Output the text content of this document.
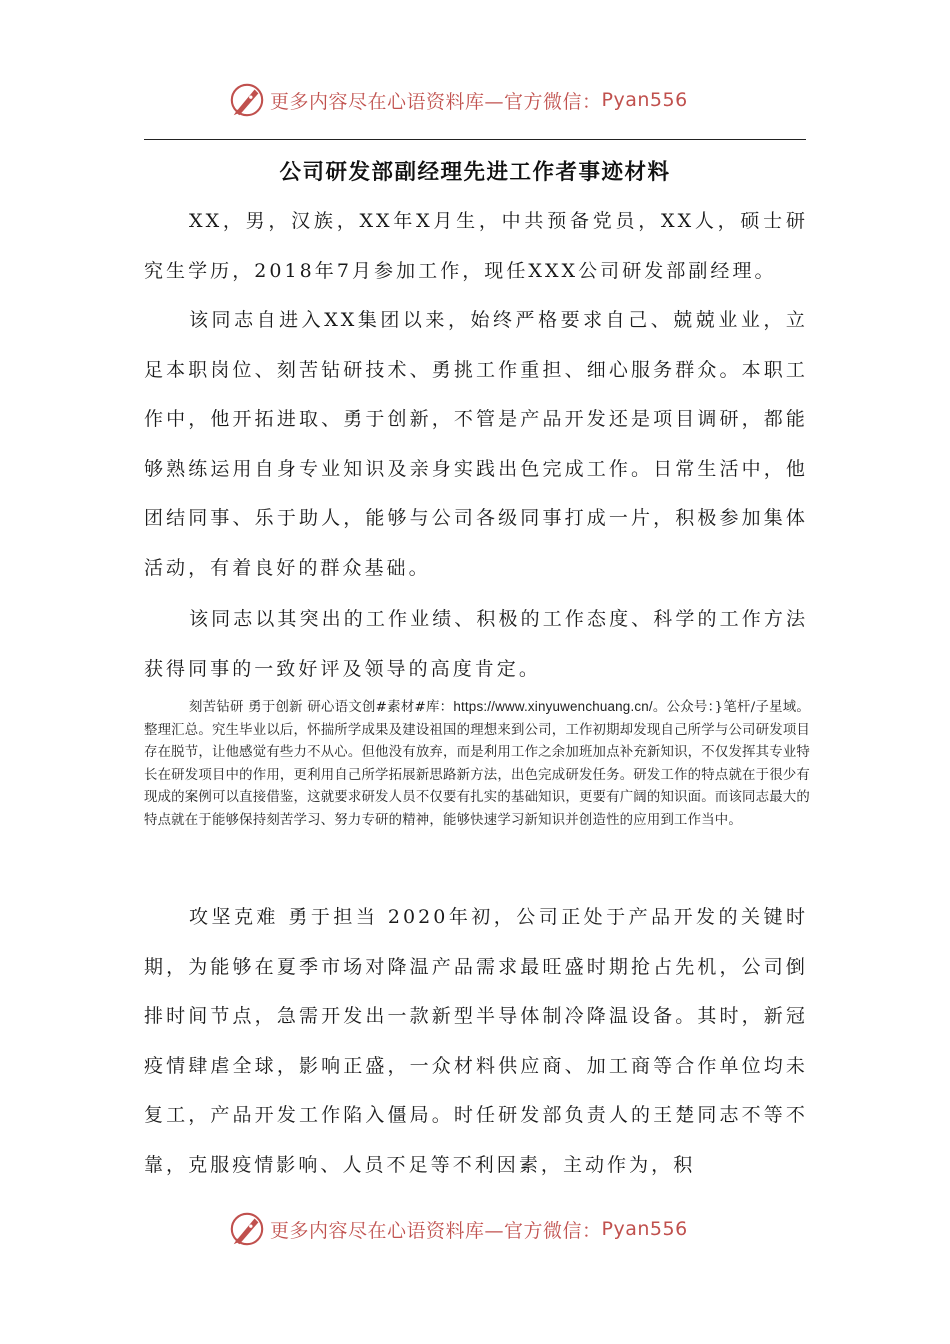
更多内容尽在心语资料库— 官方微信： Pyan556
公司研发部副经理先进工作者事迹材料
XX，男，汉族，XX年X月生，中共预备党员，XX人，硕士研究生学历，2018年7月参加工作，现任XXX公司研发部副经理。
该同志自进入XX集团以来，始终严格要求自己、兢兢业业，立足本职岗位、刻苦钻研技术、勇挑工作重担、细心服务群众。本职工作中，他开拓进取、勇于创新，不管是产品开发还是项目调研，都能够熟练运用自身专业知识及亲身实践出色完成工作。日常生活中，他团结同事、乐于助人，能够与公司各级同事打成一片，积极参加集体活动，有着良好的群众基础。
该同志以其突出的工作业绩、积极的工作态度、科学的工作方法获得同事的一致好评及领导的高度肯定。
刻苦钻研 勇于创新 研心语文创#素材#库：https://www.xinyuwenchuang.cn/。公众号：}笔杆/子星域。整理汇总。究生毕业以后，怀揣所学成果及建设祖国的理想来到公司，工作初期却发现自己所学与公司研发项目存在脱节，让他感觉有些力不从心。但他没有放弃，而是利用工作之余加班加点补充新知识，不仅发挥其专业特长在研发项目中的作用，更利用自己所学拓展新思路新方法，出色完成研发任务。研发工作的特点就在于很少有现成的案例可以直接借鉴，这就要求研发人员不仅要有扎实的基础知识，更要有广阔的知识面。而该同志最大的特点就在于能够保持刻苦学习、努力专研的精神，能够快速学习新知识并创造性的应用到工作当中。
攻坚克难 勇于担当 2020年初，公司正处于产品开发的关键时期，为能够在夏季市场对降温产品需求最旺盛时期抢占先机，公司倒排时间节点，急需开发出一款新型半导体制冷降温设备。其时，新冠疫情肆虐全球，影响正盛，一众材料供应商、加工商等合作单位均未复工，产品开发工作陷入僵局。时任研发部负责人的王楚同志不等不靠，克服疫情影响、人员不足等不利因素，主动作为，积
更多内容尽在心语资料库— 官方微信： Pyan556
